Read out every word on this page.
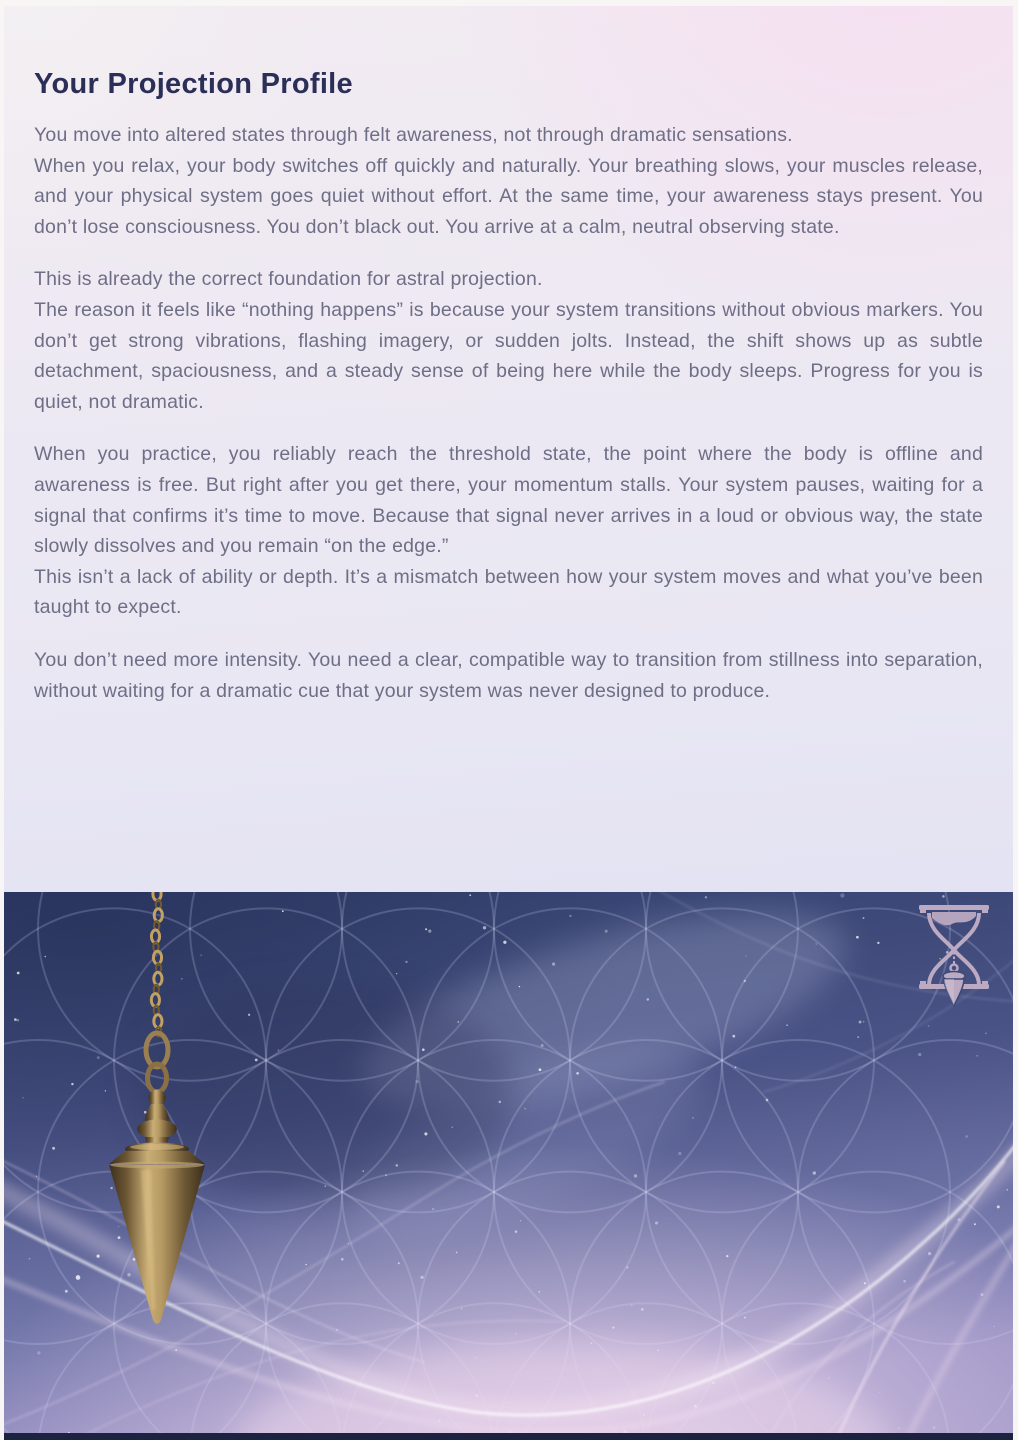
Your Projection Profile

You move into altered states through felt awareness, not through dramatic sensations.
When you relax, your body switches off quickly and naturally. Your breathing slows, your muscles release, and your physical system goes quiet without effort. At the same time, your awareness stays present. You don’t lose consciousness. You don’t black out. You arrive at a calm, neutral observing state.

This is already the correct foundation for astral projection.
The reason it feels like “nothing happens” is because your system transitions without obvious markers. You don’t get strong vibrations, flashing imagery, or sudden jolts. Instead, the shift shows up as subtle detachment, spaciousness, and a steady sense of being here while the body sleeps. Progress for you is quiet, not dramatic.

When you practice, you reliably reach the threshold state, the point where the body is offline and awareness is free. But right after you get there, your momentum stalls. Your system pauses, waiting for a signal that confirms it’s time to move. Because that signal never arrives in a loud or obvious way, the state slowly dissolves and you remain “on the edge.”
This isn’t a lack of ability or depth. It’s a mismatch between how your system moves and what you’ve been taught to expect.

You don’t need more intensity. You need a clear, compatible way to transition from stillness into separation, without waiting for a dramatic cue that your system was never designed to produce.
